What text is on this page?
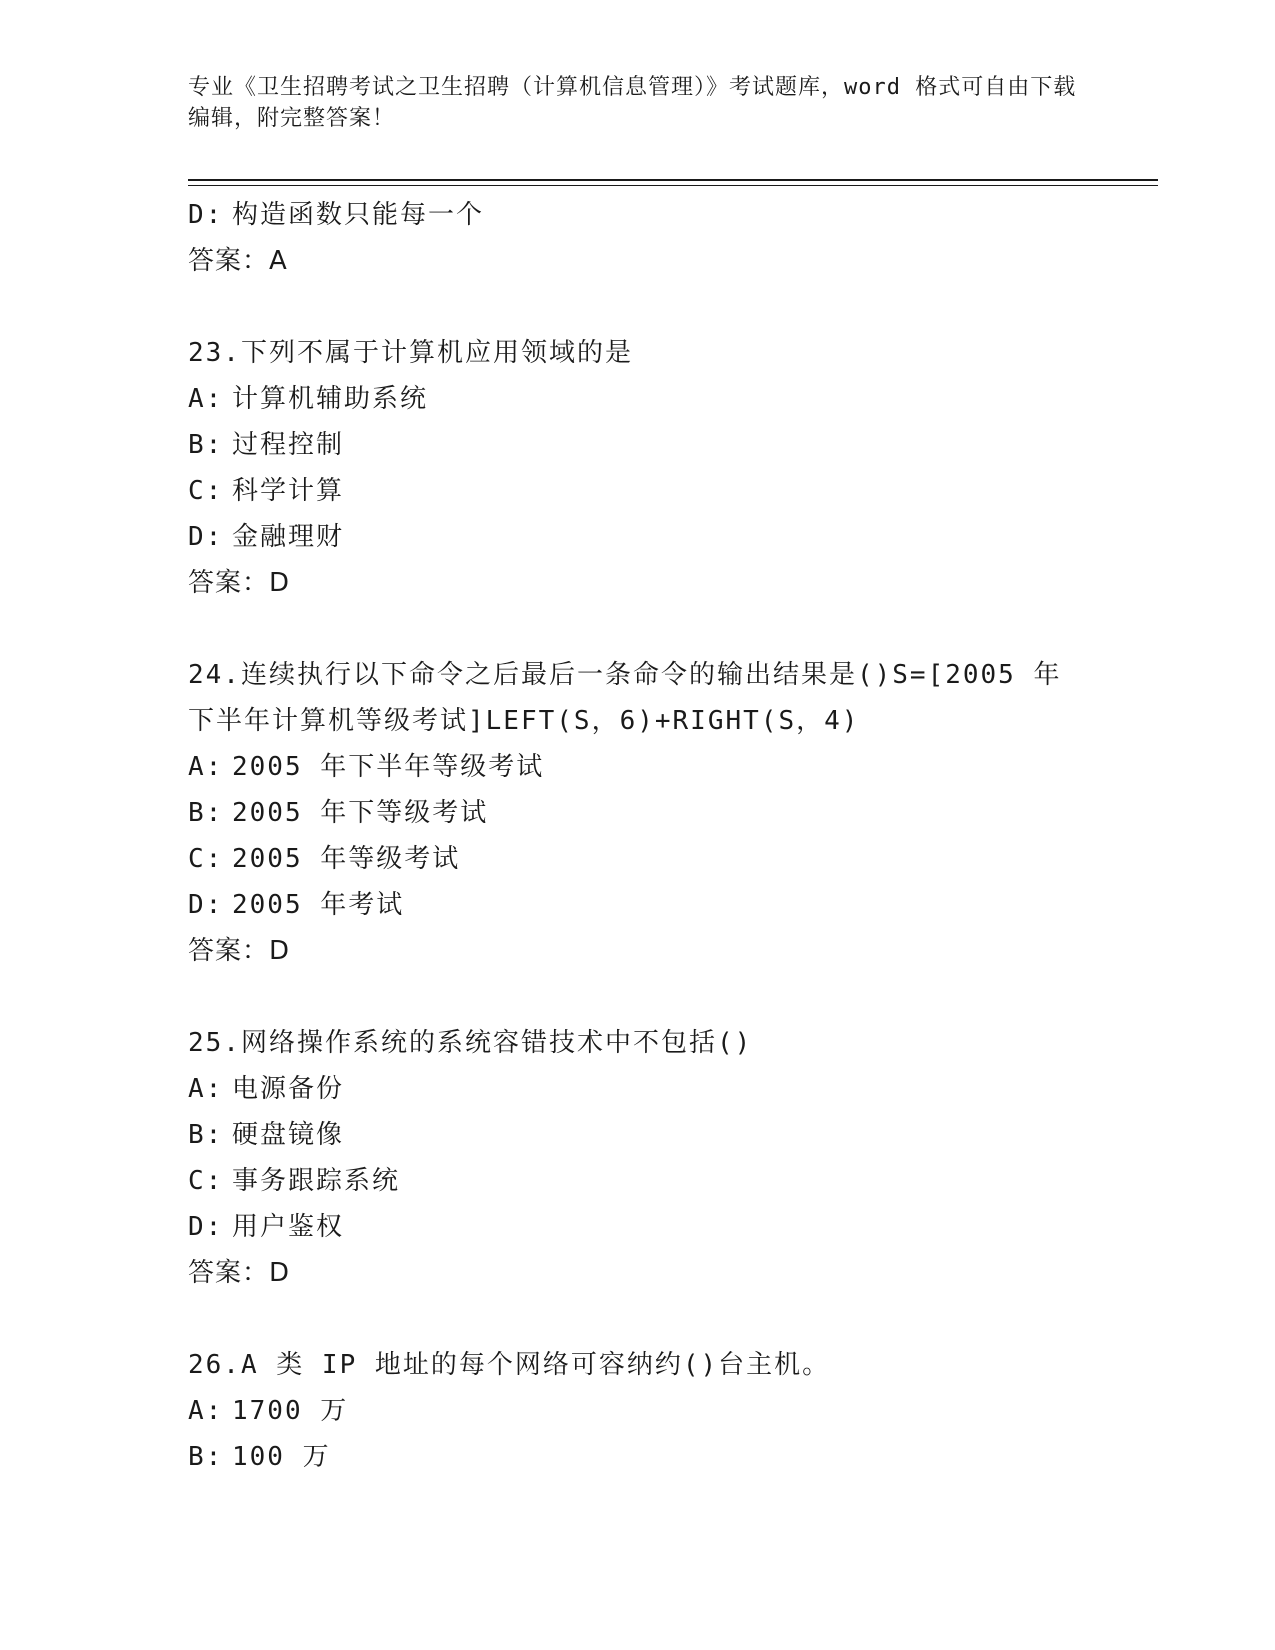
专业《卫生招聘考试之卫生招聘（计算机信息管理）》考试题库，word 格式可自由下载编辑，附完整答案！
D: 构造函数只能每一个
答案：A
23.下列不属于计算机应用领域的是
A: 计算机辅助系统
B: 过程控制
C: 科学计算
D: 金融理财
答案：D
24.连续执行以下命令之后最后一条命令的输出结果是()S=[2005 年下半年计算机等级考试]LEFT(S，6)+RIGHT(S，4)
A: 2005 年下半年等级考试
B: 2005 年下等级考试
C: 2005 年等级考试
D: 2005 年考试
答案：D
25.网络操作系统的系统容错技术中不包括()
A: 电源备份
B: 硬盘镜像
C: 事务跟踪系统
D: 用户鉴权
答案：D
26.A 类 IP 地址的每个网络可容纳约()台主机。
A: 1700 万
B: 100 万
